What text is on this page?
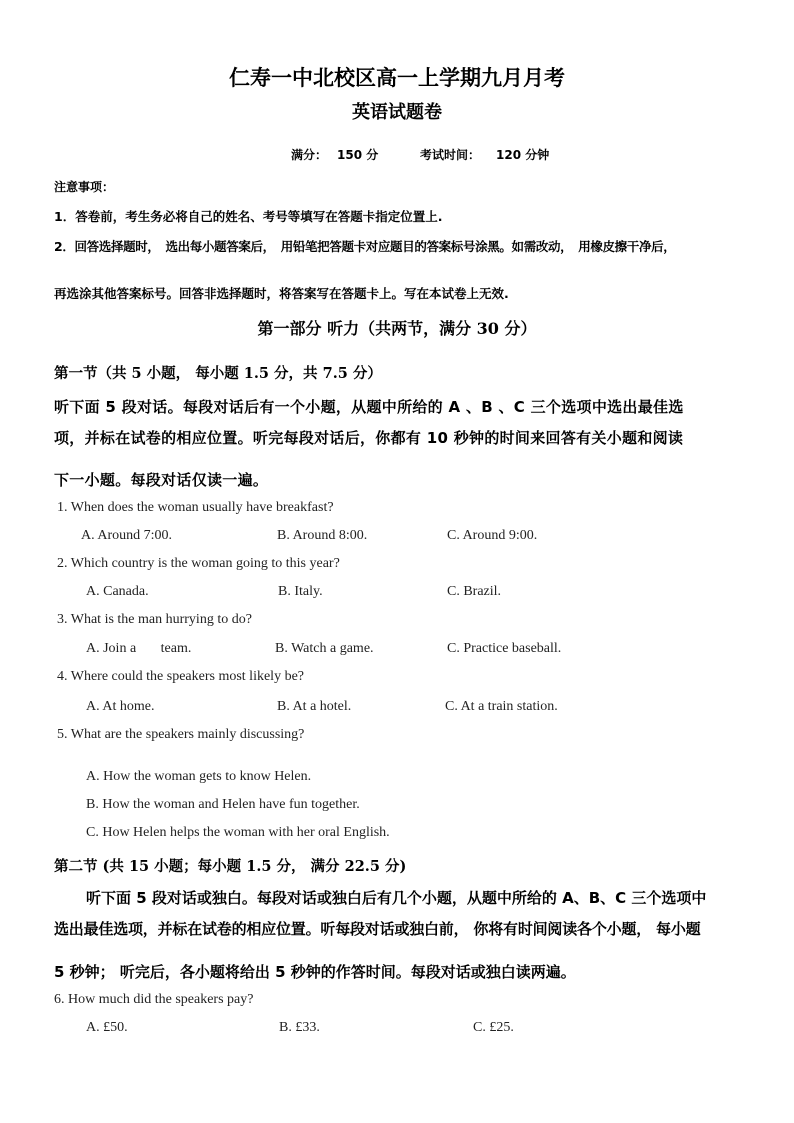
仁寿一中北校区高一上学期九月月考
英语试题卷
满分： 150 分	考试时间： 120 分钟
注意事项：
1．答卷前，考生务必将自己的姓名、考号等填写在答题卡指定位置上.
2．回答选择题时，　选出每小题答案后，　用铅笔把答题卡对应题目的答案标号涂黑。如需改动，　用橡皮擦干净后，
再选涂其他答案标号。回答非选择题时，将答案写在答题卡上。写在本试卷上无效.
第一部分 听力（共两节，满分 30 分）
第一节（共 5 小题， 每小题 1.5 分，共 7.5 分）
听下面 5 段对话。每段对话后有一个小题，从题中所给的 A 、B 、C 三个选项中选出最佳选
项，并标在试卷的相应位置。听完每段对话后，你都有 10 秒钟的时间来回答有关小题和阅读
下一小题。每段对话仅读一遍。
1. When does the woman usually have breakfast?
A. Around 7:00.	B. Around 8:00.	C. Around 9:00.
2. Which country is the woman going to this year?
A. Canada.	B. Italy.	C. Brazil.
3. What is the man hurrying to do?
A. Join a       team.	B. Watch a game.	C. Practice baseball.
4. Where could the speakers most likely be?
A. At home.	B. At a hotel.	C. At a train station.
5. What are the speakers mainly discussing?
A. How the woman gets to know Helen.
B. How the woman and Helen have fun together.
C. How Helen helps the woman with her oral English.
第二节 (共 15 小题；每小题 1.5 分， 满分 22.5 分)
听下面 5 段对话或独白。每段对话或独白后有几个小题，从题中所给的 A、B、C 三个选项中
选出最佳选项，并标在试卷的相应位置。听每段对话或独白前， 你将有时间阅读各个小题， 每小题
5 秒钟； 听完后，各小题将给出 5 秒钟的作答时间。每段对话或独白读两遍。
6. How much did the speakers pay?
A. £50.	B. £33.	C. £25.
